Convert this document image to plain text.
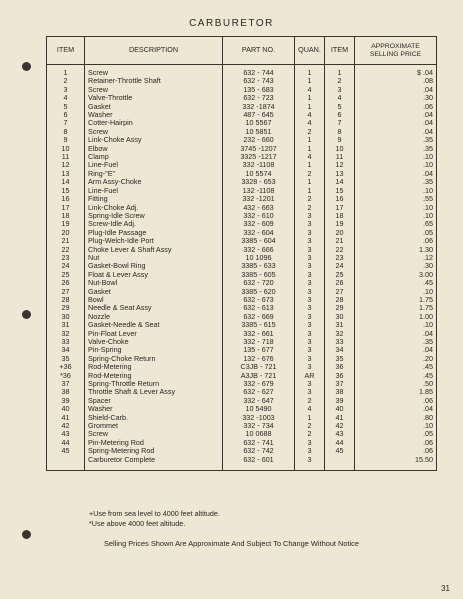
CARBURETOR
ITEM	DESCRIPTION	PART NO.	QUAN.	ITEM	APPROXIMATE SELLING PRICE

1	Screw	632 - 744	1	1	$ .04
2	Retainer-Throttle Shaft	632 - 743	1	2	.08
3	Screw	135 - 683	4	3	.04
4	Valve-Throttle	632 - 723	1	4	.30
5	Gasket	332 -1874	1	5	.06
6	Washer	487 - 645	4	6	.04
7	Cotter-Hairpin	10 5567	4	7	.04
8	Screw	10 5851	2	8	.04
9	Link-Choke Assy	232 - 660	1	9	.35
10	Elbow	3745 -1207	1	10	.35
11	Clamp	3325 -1217	4	11	.10
12	Line-Fuel	332 -1108	1	12	.10
13	Ring-"E"	10 5574	2	13	.04
14	Arm Assy-Choke	3328 - 653	1	14	.35
15	Line-Fuel	132 -1108	1	15	.10
16	Fitting	332 -1201	2	16	.55
17	Link-Choke Adj.	432 - 663	2	17	.10
18	Spring-Idle Screw	332 - 610	3	18	.10
19	Screw-Idle Adj.	332 - 609	3	19	.65
20	Plug-Idle Passage	332 - 604	3	20	.05
21	Plug-Welch-Idle Port	3385 - 604	3	21	.06
22	Choke Lever & Shaft Assy	332 - 666	3	22	1.30
23	Nut	10 1096	3	23	.12
24	Gasket-Bowl Ring	3385 - 633	3	24	.30
25	Float & Lever Assy	3385 - 605	3	25	3.00
26	Nut-Bowl	632 - 720	3	26	.45
27	Gasket	3385 - 620	3	27	.10
28	Bowl	632 - 673	3	28	1.75
29	Needle & Seat Assy	632 - 613	3	29	1.75
30	Nozzle	632 - 669	3	30	1.00
31	Gasket-Needle & Seat	3385 - 615	3	31	.10
32	Pin-Float Lever	332 - 661	3	32	.04
33	Valve-Choke	332 - 718	3	33	.35
34	Pin-Spring	135 - 677	3	34	.04
35	Spring-Choke Return	132 - 676	3	35	.20
+36	Rod-Metering	C3JB - 721	3	36	.45
*36	Rod-Metering	A3JB - 721	AR	36	.45
37	Spring-Throttle Return	332 - 679	3	37	.50
38	Throttle Shaft & Lever Assy	632 - 627	3	38	1.85
39	Spacer	332 - 647	2	39	.06
40	Washer	10 5490	4	40	.04
41	Shield-Carb.	332 -1003	1	41	.80
42	Grommet	332 - 734	2	42	.10
43	Screw	10 0688	2	43	.05
44	Pin-Metering Rod	632 - 741	3	44	.06
45	Spring-Metering Rod	632 - 742	3	45	.06
	Carburetor Complete	632 - 601	3		15.50

+Use from sea level to 4000 feet altitude.
*Use above 4000 feet altitude.
Selling Prices Shown Are Approximate And Subject To Change Without Notice
31
